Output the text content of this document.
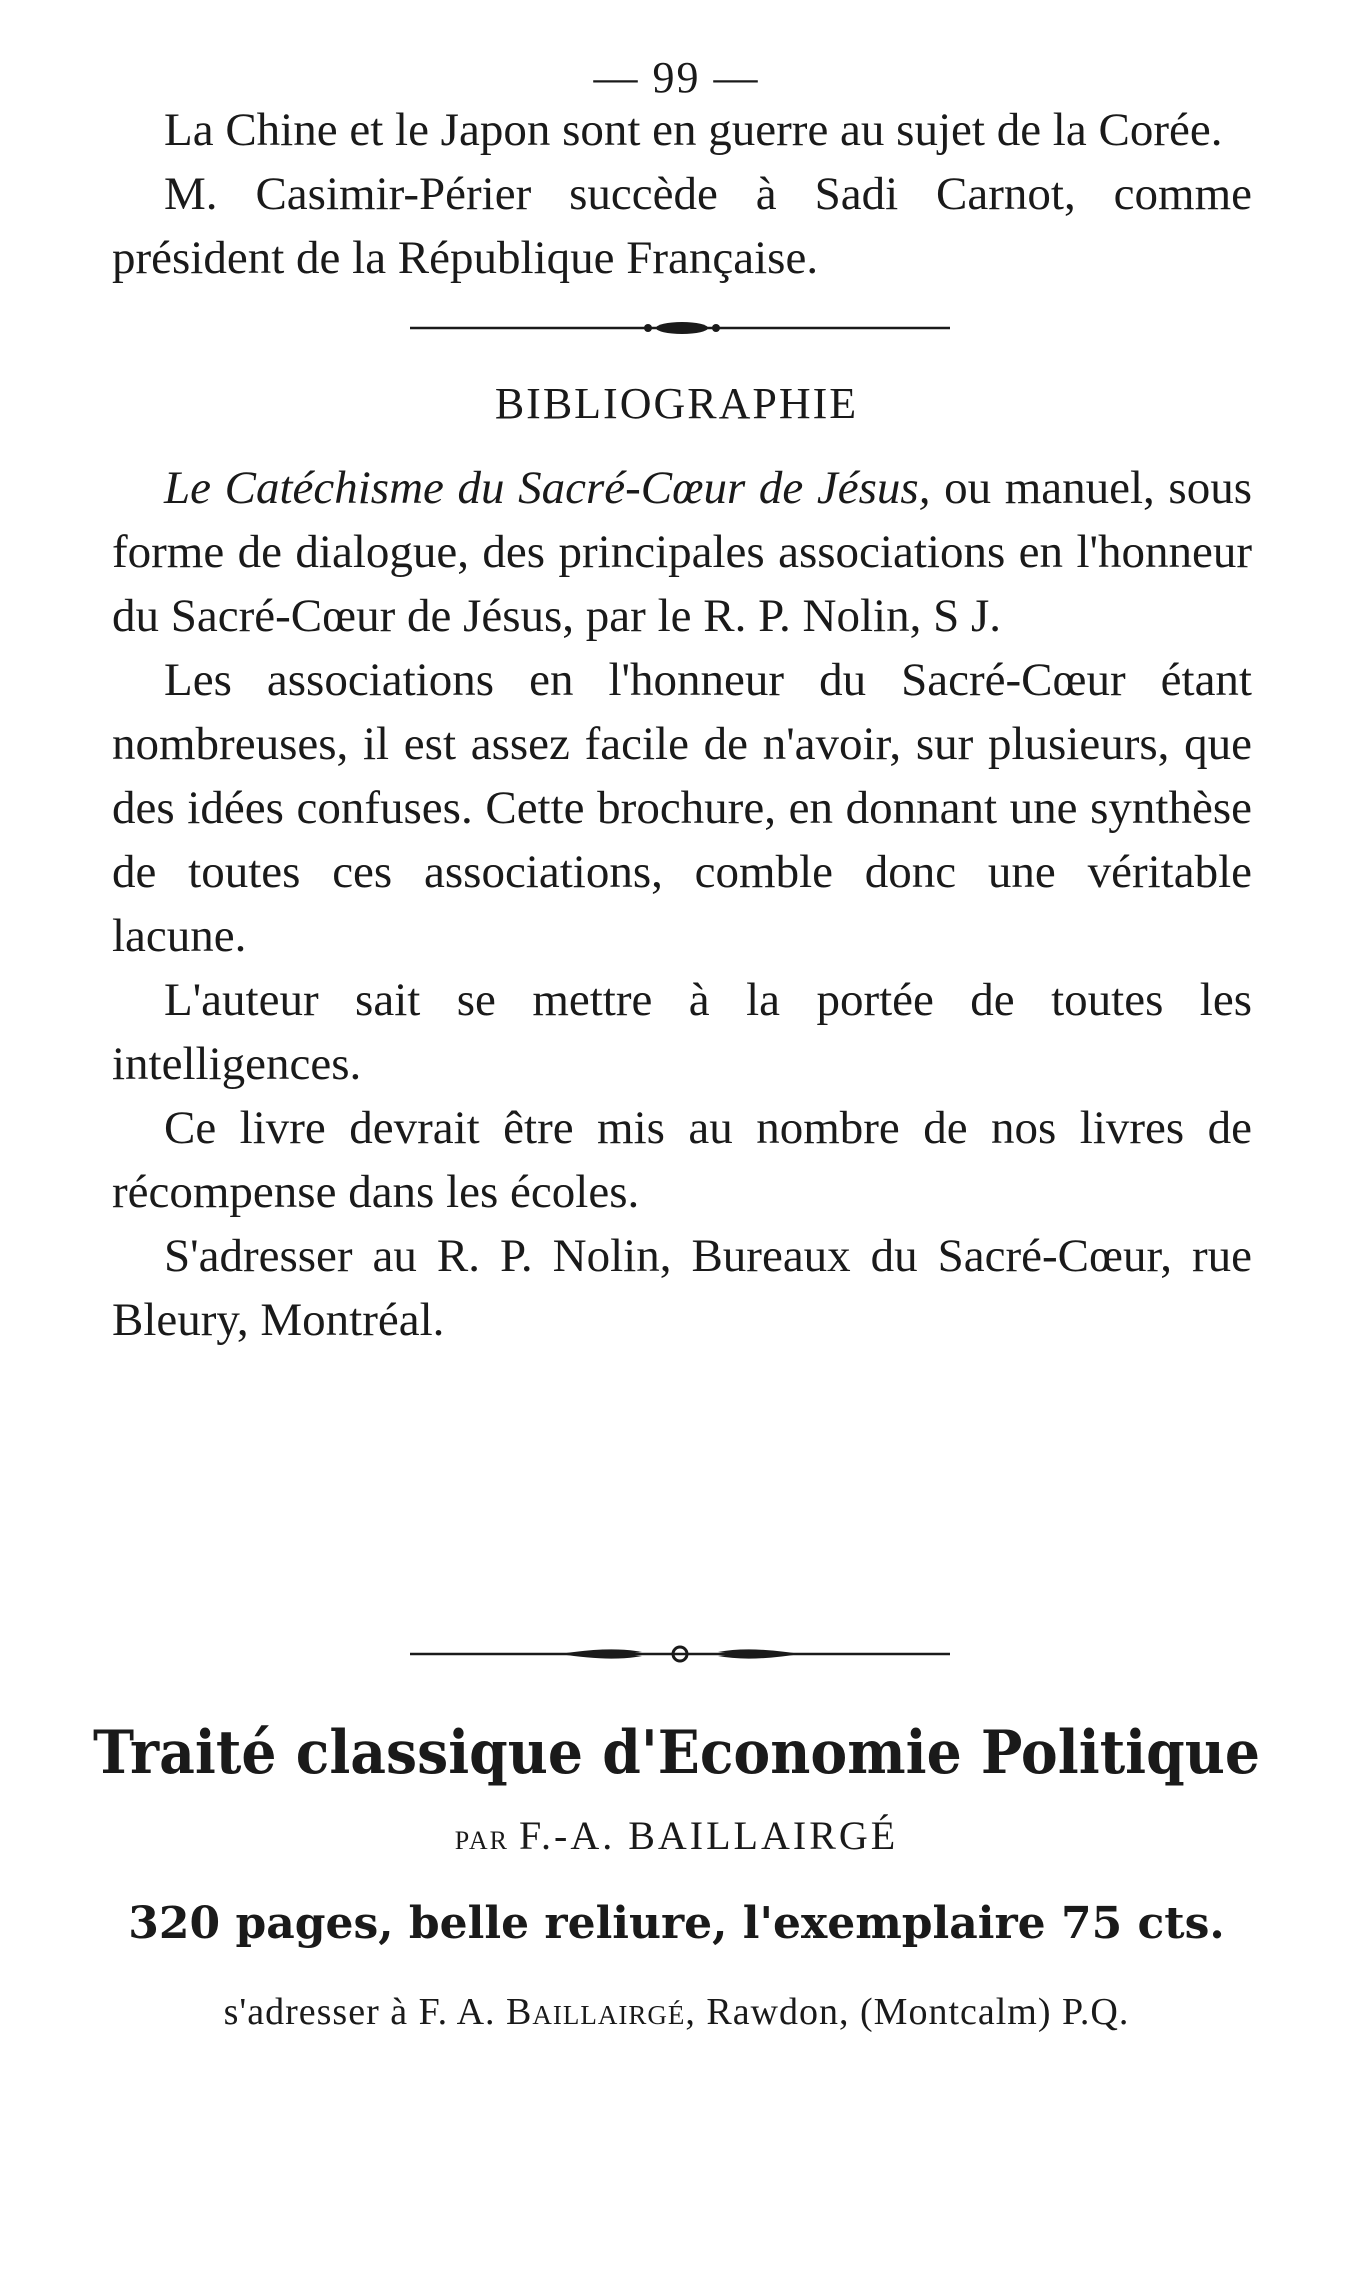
— 99 —

La Chine et le Japon sont en guerre au sujet de la Corée.

M. Casimir-Périer succède à Sadi Carnot, comme président de la République Française.

BIBLIOGRAPHIE

Le Catéchisme du Sacré-Cœur de Jésus, ou manuel, sous forme de dialogue, des principales associations en l'honneur du Sacré-Cœur de Jésus, par le R. P. Nolin, S J.

Les associations en l'honneur du Sacré-Cœur étant nombreuses, il est assez facile de n'avoir, sur plusieurs, que des idées confuses. Cette brochure, en donnant une synthèse de toutes ces associations, comble donc une véritable lacune.

L'auteur sait se mettre à la portée de toutes les intelligences.

Ce livre devrait être mis au nombre de nos livres de récompense dans les écoles.

S'adresser au R. P. Nolin, Bureaux du Sacré-Cœur, rue Bleury, Montréal.

Traité classique d'Economie Politique
PAR F.-A. BAILLAIRGÉ
320 pages, belle reliure, l'exemplaire 75 cts.
s'adresser à F. A. Baillairgé, Rawdon, (Montcalm) P.Q.
